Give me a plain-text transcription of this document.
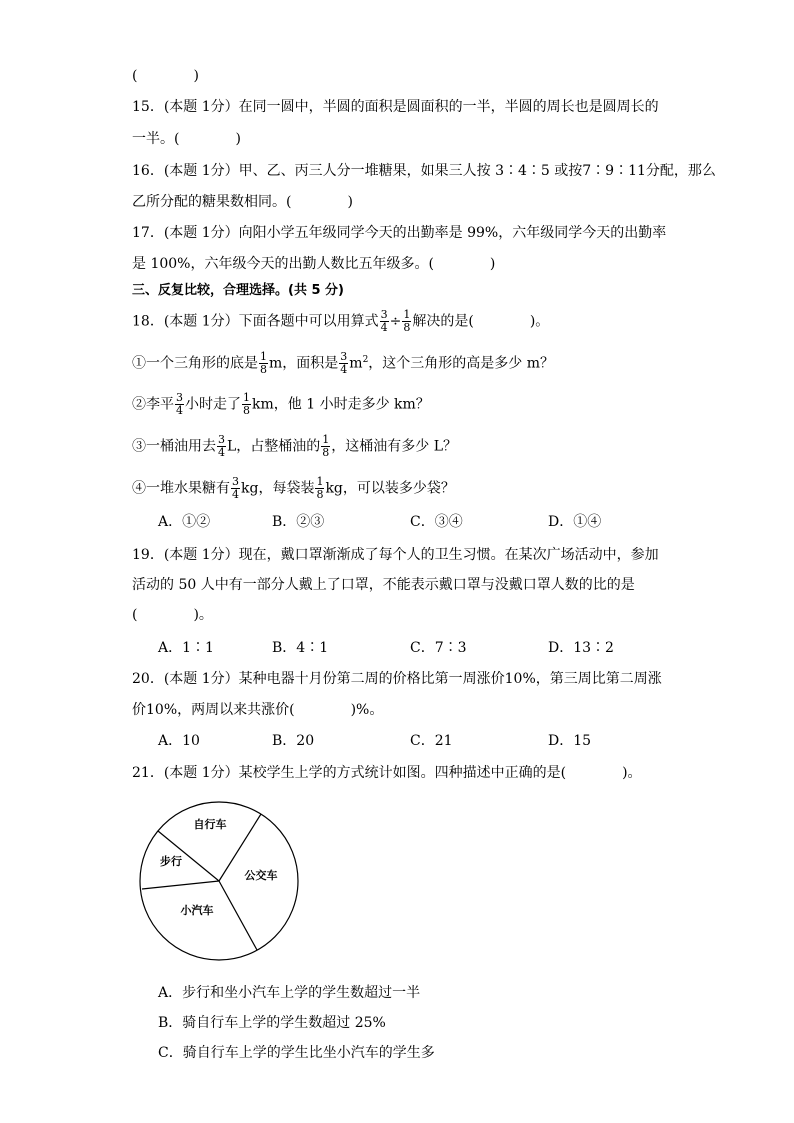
(　　　　)
15．(本题 1分）在同一圆中，半圆的面积是圆面积的一半，半圆的周长也是圆周长的
一半。(　　　　)
16．(本题 1分）甲、乙、丙三人分一堆糖果，如果三人按 3∶4∶5 或按7∶9∶11分配，那么
乙所分配的糖果数相同。(　　　　)
17．(本题 1分）向阳小学五年级同学今天的出勤率是 99%，六年级同学今天的出勤率
是 100%，六年级今天的出勤人数比五年级多。(　　　　)
三、反复比较，合理选择。(共 5 分)
18．(本题 1分）下面各题中可以用算式 $\frac{3}{4} \div \frac{1}{8}$ 解决的是(　　　　)。
①一个三角形的底是 $\frac{1}{8}$ m，面积是 $\frac{3}{4} m^2$，这个三角形的高是多少 m？
②李平 $\frac{3}{4}$ 小时走了 $\frac{1}{8}$ km，他 1 小时走多少 km？
③一桶油用去 $\frac{3}{4}$ L，占整桶油的 $\frac{1}{8}$ ，这桶油有多少 L？
④一堆水果糖有 $\frac{3}{4}$ kg，每袋装 $\frac{1}{8}$ kg，可以装多少袋？
A．①②	B．②③	C．③④	D．①④
19．(本题 1分）现在，戴口罩渐渐成了每个人的卫生习惯。在某次广场活动中，参加
活动的 50 人中有一部分人戴上了口罩，不能表示戴口罩与没戴口罩人数的比的是
(　　　　)。
A．1∶1	B．4∶1	C．7∶3	D．13∶2
20．(本题 1分）某种电器十月份第二周的价格比第一周涨价10%，第三周比第二周涨
价10%，两周以来共涨价(　　　　)%。
A．10	B．20	C．21	D．15
21．(本题 1分）某校学生上学的方式统计如图。四种描述中正确的是(　　　　)。
自行车
步行
公交车
小汽车
A．步行和坐小汽车上学的学生数超过一半
B．骑自行车上学的学生数超过 25%
C．骑自行车上学的学生比坐小汽车的学生多
